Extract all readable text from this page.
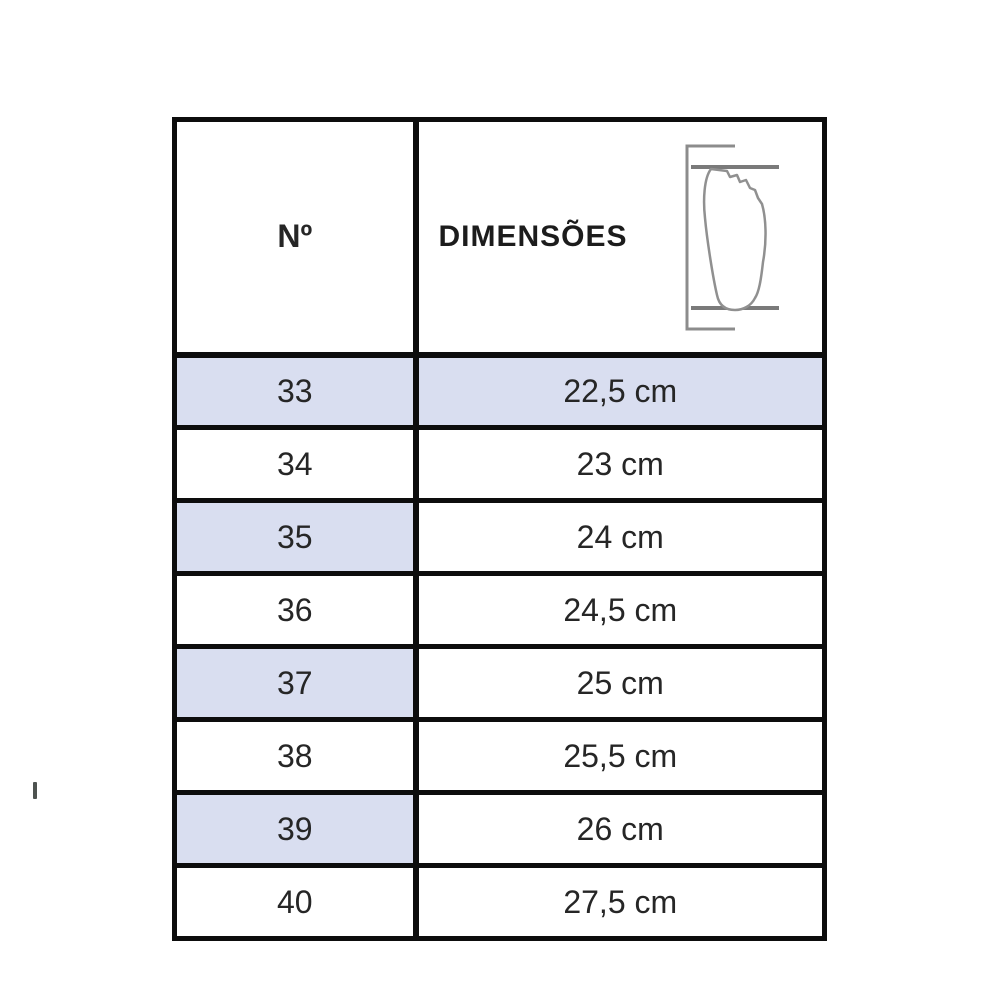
Nº	DIMENSÕES

33	22,5 cm
34	23 cm
35	24 cm
36	24,5 cm
37	25 cm
38	25,5 cm
39	26 cm
40	27,5 cm
